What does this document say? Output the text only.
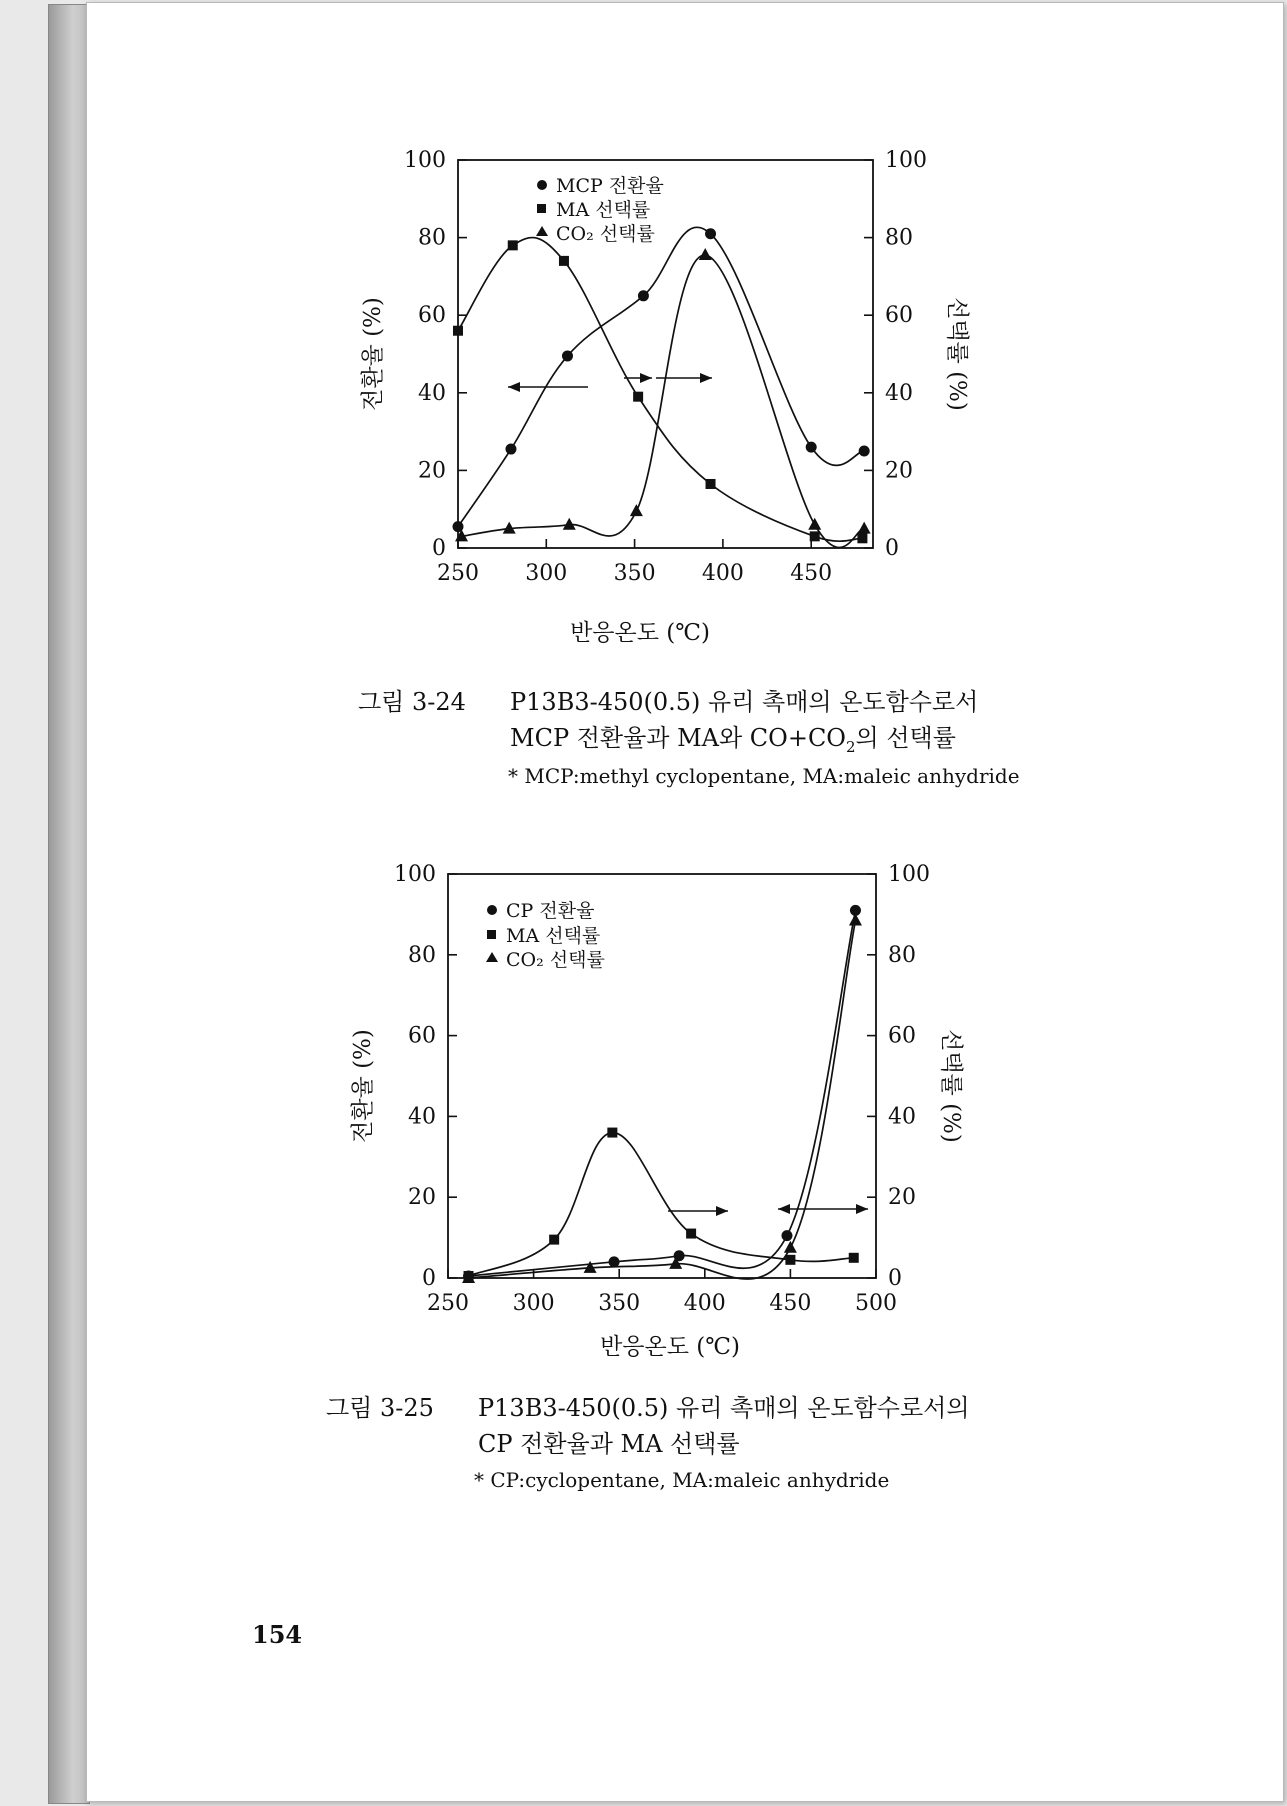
0	0
20	20
40	40
60	60
80	80
100	100
250 300 350 400 450
MCP 전환율
MA 선택률
CO₂ 선택률
반응온도 (℃)
전환율 (%)	선택률 (%)
그림 3-24 P13B3-450(0.5) 유리 촉매의 온도함수로서
MCP 전환율과 MA와 $CO+CO_2$의 선택률
* MCP:methyl cyclopentane, MA:maleic anhydride
0	0
20	20
40	40
60	60
80	80
100	100
250 300 350 400 450 500
CP 전환율
MA 선택률
CO₂ 선택률
반응온도 (℃)
전환율 (%)	선택률 (%)
그림 3-25 P13B3-450(0.5) 유리 촉매의 온도함수로서의
CP 전환율과 MA 선택률
* CP:cyclopentane, MA:maleic anhydride
154
